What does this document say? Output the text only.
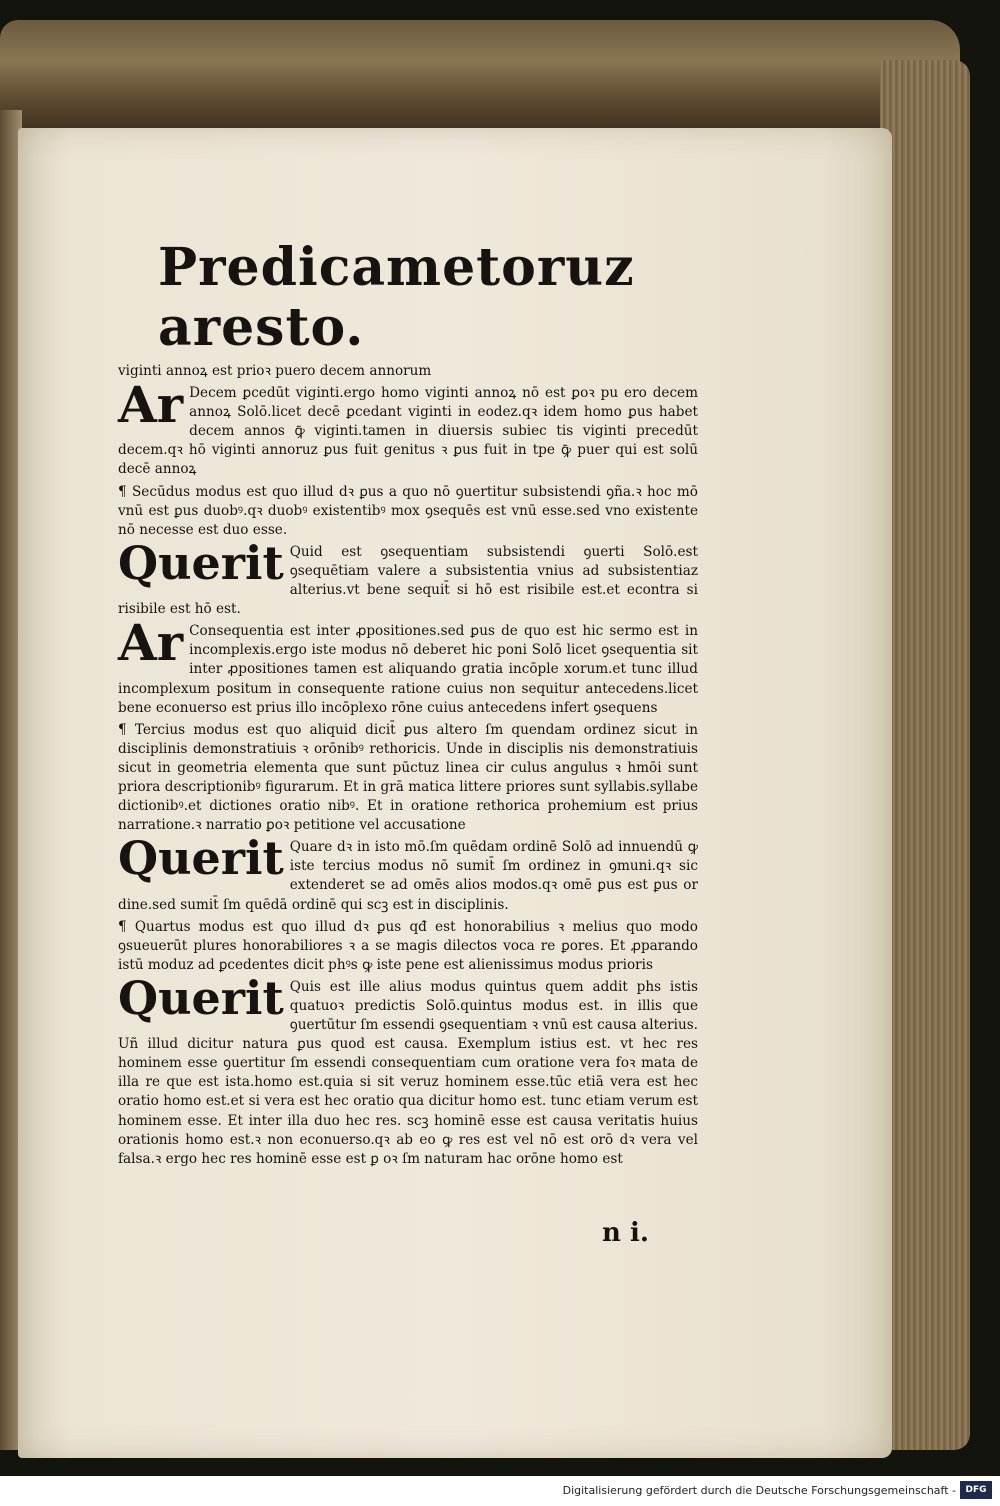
Predicametoruz aresto.

viginti annoꝝ est prioꝛ puero decem annorum

Ar Decem ꝑcedūt viginti.ergo homo viginti annoꝝ nō est ꝑoꝛ pu ero decem annoꝝ Solō.licet decē ꝑcedant viginti in eodez.qꝛ idem homo ꝑus habet decem annos ꝙ̄ viginti.tamen in diuersis subiec tis viginti precedūt decem.qꝛ hō viginti annoruz ꝑus fuit genitus ꝛ ꝑus fuit in tpe ꝙ̄ puer qui est solū decē annoꝝ

¶ Secūdus modus est quo illud dꝛ ꝑus a quo nō ꝯuertitur subsistendi ꝯña.ꝛ hoc mō vnū est ꝑus duobꝰ.qꝛ duobꝰ existentibꝰ mox ꝯsequēs est vnū esse.sed vno existente nō necesse est duo esse.

Querit Quid est ꝯsequentiam subsistendi ꝯuerti Solō.est ꝯsequētiam valere a subsistentia vnius ad subsistentiaz alterius.vt bene sequit̄ si hō est risibile est.et econtra si risibile est hō est.

Ar Consequentia est inter ꝓpositiones.sed ꝑus de quo est hic sermo est in incomplexis.ergo iste modus nō deberet hic poni Solō licet ꝯsequentia sit inter ꝓpositiones tamen est aliquando gratia incōple xorum.et tunc illud incomplexum positum in consequente ratione cuius non sequitur antecedens.licet bene econuerso est prius illo incōplexo rōne cuius antecedens infert ꝯsequens

¶ Tercius modus est quo aliquid dicit̄ ꝑus altero ſm quendam ordinez sicut in disciplinis demonstratiuis ꝛ orōnibꝰ rethoricis. Unde in disciplis nis demonstratiuis sicut in geometria elementa que sunt pūctuz linea cir culus angulus ꝛ hmōi sunt priora descriptionibꝰ figurarum. Et in grā matica littere priores sunt syllabis.syllabe dictionibꝰ.et dictiones oratio nibꝰ. Et in oratione rethorica prohemium est prius narratione.ꝛ narratio ꝑoꝛ petitione vel accusatione

Querit Quare dꝛ in isto mō.ſm quēdam ordinē Solō ad innuendū ꝙ iste tercius modus nō sumit̄ ſm ordinez in ꝯmuni.qꝛ sic extenderet se ad omēs alios modos.qꝛ omē ꝑus est ꝑus or dine.sed sumit̄ ſm quēdā ordinē qui scꝫ est in disciplinis.

¶ Quartus modus est quo illud dꝛ ꝑus qđ est honorabilius ꝛ melius quo modo ꝯsueuerūt plures honorabiliores ꝛ a se magis dilectos voca re ꝑores. Et ꝓparando istū moduz ad ꝑcedentes dicit phꝰs ꝙ iste pene est alienissimus modus prioris

Querit Quis est ille alius modus quintus quem addit phs istis quatuoꝛ predictis Solō.quintus modus est. in illis que ꝯuertūtur ſm essendi ꝯsequentiam ꝛ vnū est causa alterius. Uñ illud dicitur natura ꝑus quod est causa. Exemplum istius est. vt hec res hominem esse ꝯuertitur ſm essendi consequentiam cum oratione vera foꝛ mata de illa re que est ista.homo est.quia si sit veruz hominem esse.tūc etiā vera est hec oratio homo est.et si vera est hec oratio qua dicitur homo est. tunc etiam verum est hominem esse. Et inter illa duo hec res. scꝫ hominē esse est causa veritatis huius orationis homo est.ꝛ non econuerso.qꝛ ab eo ꝙ res est vel nō est orō dꝛ vera vel falsa.ꝛ ergo hec res hominē esse est ꝑ oꝛ ſm naturam hac orōne homo est

n i.
Digitalisierung gefördert durch die Deutsche Forschungsgemeinschaft -	DFG
